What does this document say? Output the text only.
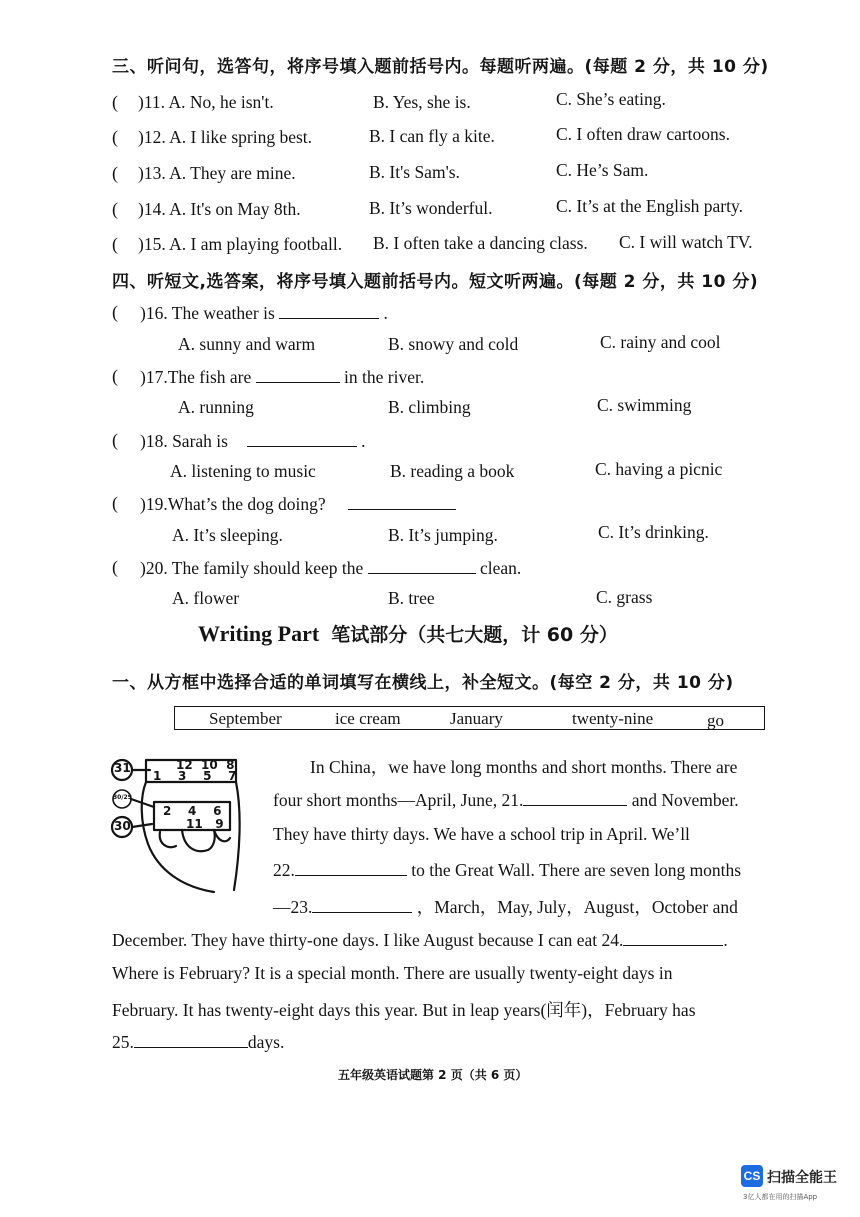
三、听问句，选答句，将序号填入题前括号内。每题听两遍。(每题 2 分，共 10 分)
( )11. A. No, he isn't.	B. Yes, she is.	C. She’s eating.
( )12. A. I like spring best.	B. I can fly a kite.	C. I often draw cartoons.
( )13. A. They are mine.	B. It's Sam's.	C. He’s Sam.
( )14. A. It's on May 8th.	B. It’s wonderful.	C. It’s at the English party.
( )15. A. I am playing football. B. I often take a dancing class. C. I will watch TV.
四、听短文,选答案，将序号填入题前括号内。短文听两遍。(每题 2 分，共 10 分)
( )16. The weather is	.
A. sunny and warm	B. snowy and cold	C. rainy and cool
( )17.The fish are	in the river.
A. running	B. climbing	C. swimming
( )18. Sarah is	.
A. listening to music	B. reading a book	C. having a picnic
( )19.What’s the dog doing?
A. It’s sleeping.	B. It’s jumping.	C. It’s drinking.
( )20. The family should keep the	clean.
A. flower	B. tree	C. grass
Writing Part 笔试部分（共七大题，计 60 分）
一、从方框中选择合适的单词填写在横线上，补全短文。(每空 2 分，共 10 分)
September	ice cream	January	twenty-nine	go
31
30/29
30
12  10  8
1    3    5    7
2    4    6
11   9
In China，we have long months and short months. There are
four short months—April, June, 21.	and November.
They have thirty days. We have a school trip in April. We’ll
22.	to the Great Wall. There are seven long months
—23.	，March，May, July，August，October and
December. They have thirty-one days. I like August because I can eat 24.	.
Where is February? It is a special month. There are usually twenty-eight days in
February. It has twenty-eight days this year. But in leap years(闰年)，February has
25.	days.
五年级英语试题第 2 页（共 6 页）
CS 扫描全能王
3亿人都在用的扫描App
